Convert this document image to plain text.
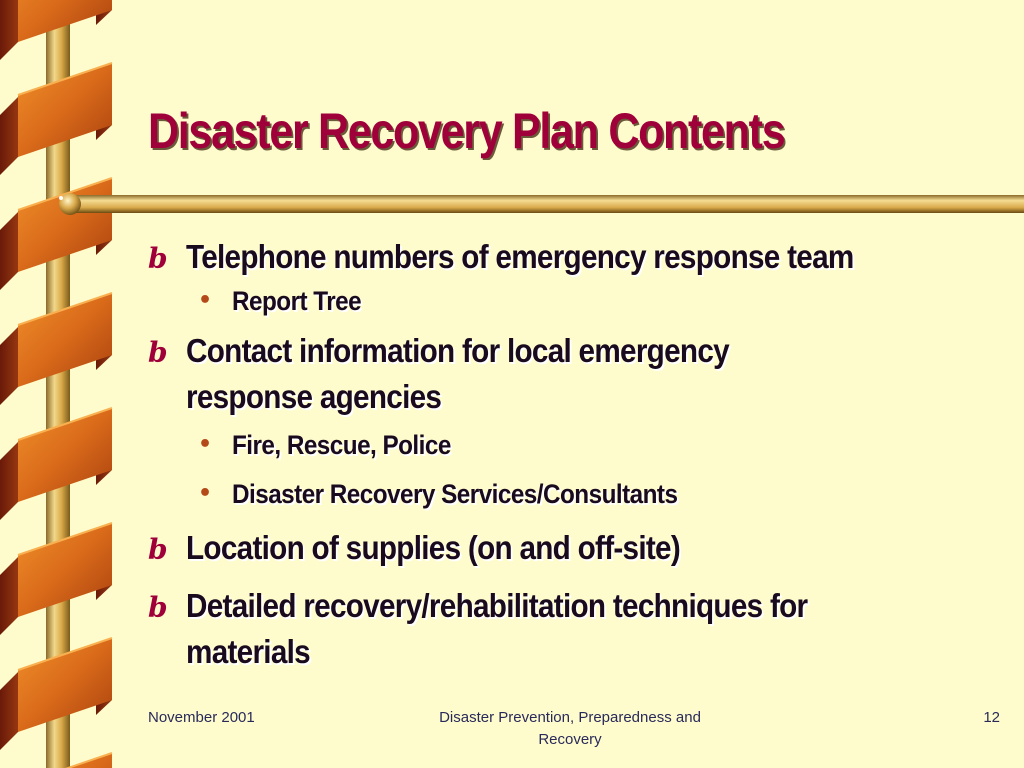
Disaster Recovery Plan Contents
b Telephone numbers of emergency response team
• Report Tree
b Contact information for local emergency response agencies
• Fire, Rescue, Police
• Disaster Recovery Services/Consultants
b Location of supplies (on and off-site)
b Detailed recovery/rehabilitation techniques for materials
November 2001	Disaster Prevention, Preparedness and Recovery
12
